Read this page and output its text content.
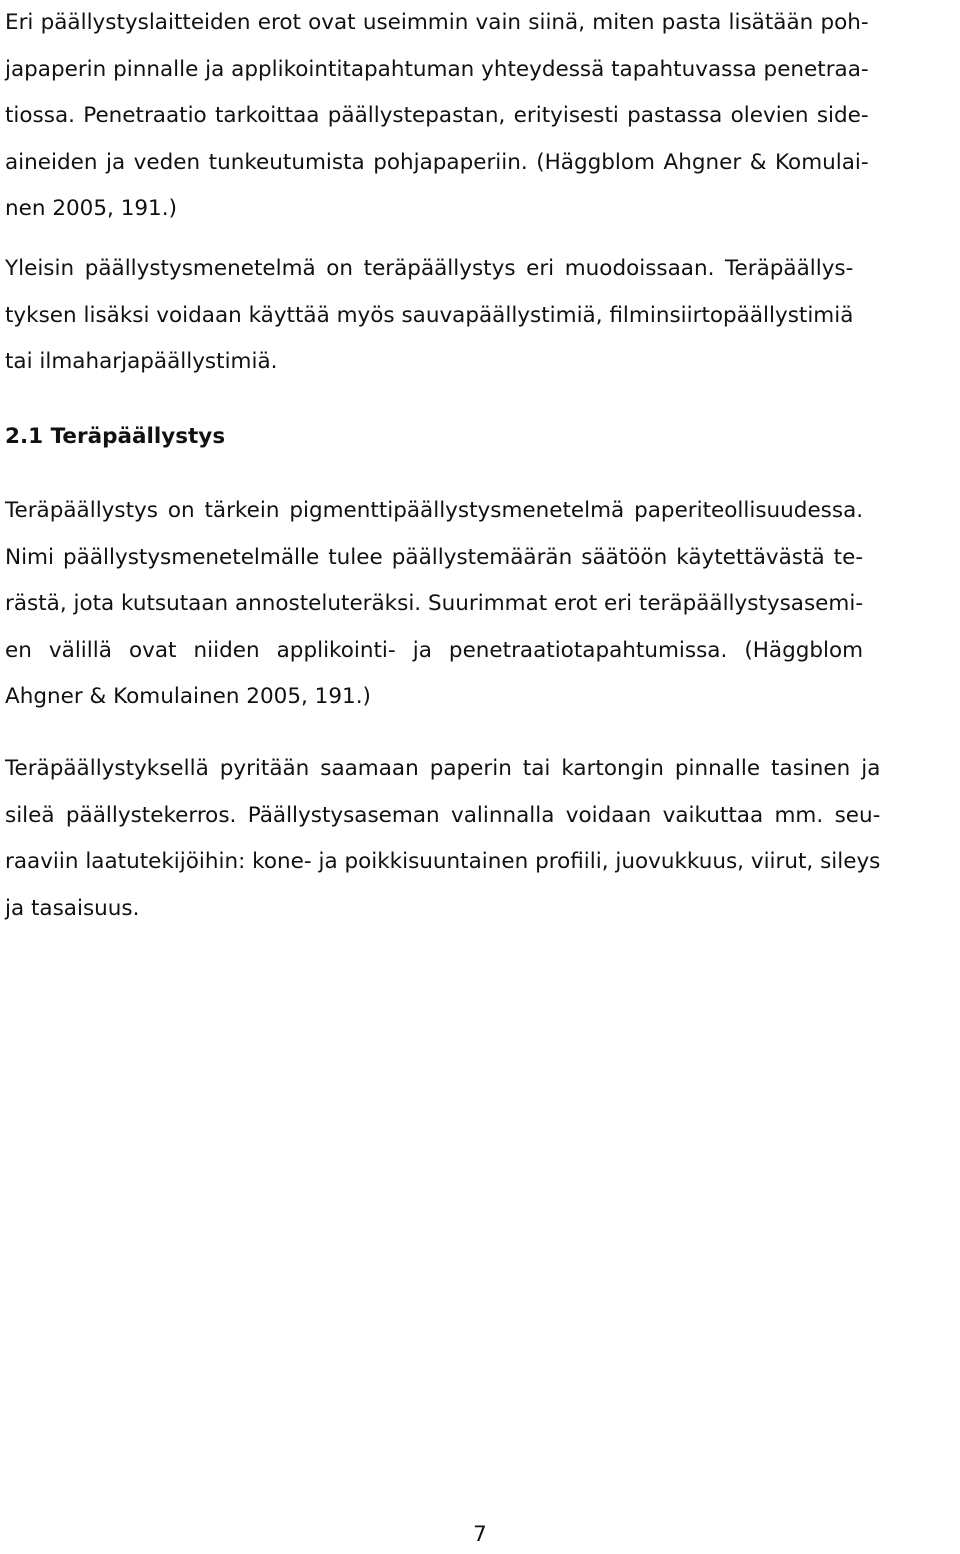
Eri päällystyslaitteiden erot ovat useimmin vain siinä, miten pasta lisätään poh-
japaperin pinnalle ja applikointitapahtuman yhteydessä tapahtuvassa penetraa-
tiossa. Penetraatio tarkoittaa päällystepastan, erityisesti pastassa olevien side-
aineiden ja veden tunkeutumista pohjapaperiin. (Häggblom Ahgner & Komulai-
nen 2005, 191.)
Yleisin päällystysmenetelmä on teräpäällystys eri muodoissaan. Teräpäällys-
tyksen lisäksi voidaan käyttää myös sauvapäällystimiä, filminsiirtopäällystimiä
tai ilmaharjapäällystimiä.
2.1 Teräpäällystys
Teräpäällystys on tärkein pigmenttipäällystysmenetelmä paperiteollisuudessa.
Nimi päällystysmenetelmälle tulee päällystemäärän säätöön käytettävästä te-
rästä, jota kutsutaan annosteluteräksi. Suurimmat erot eri teräpäällystysasemi-
en välillä ovat niiden applikointi- ja penetraatiotapahtumissa. (Häggblom
Ahgner & Komulainen 2005, 191.)
Teräpäällystyksellä pyritään saamaan paperin tai kartongin pinnalle tasinen ja
sileä päällystekerros. Päällystysaseman valinnalla voidaan vaikuttaa mm. seu-
raaviin laatutekijöihin: kone- ja poikkisuuntainen profiili, juovukkuus, viirut, sileys
ja tasaisuus.
7
